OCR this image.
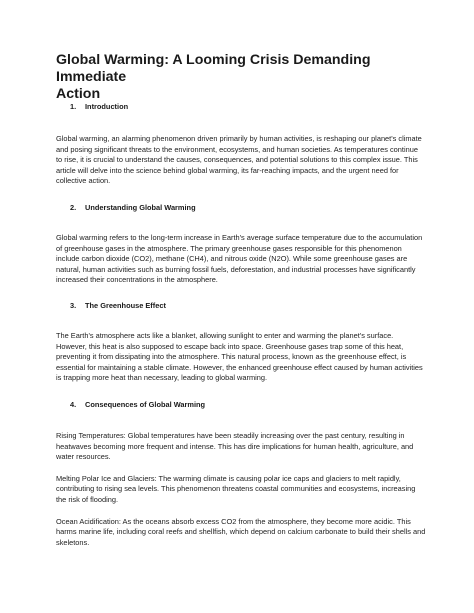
Global Warming: A Looming Crisis Demanding Immediate
Action
1.	Introduction

Global warming, an alarming phenomenon driven primarily by human activities, is reshaping our planet's climate and posing significant threats to the environment, ecosystems, and human societies. As temperatures continue to rise, it is crucial to understand the causes, consequences, and potential solutions to this complex issue. This article will delve into the science behind global warming, its far-reaching impacts, and the urgent need for collective action.

2.	Understanding Global Warming

Global warming refers to the long-term increase in Earth's average surface temperature due to the accumulation of greenhouse gases in the atmosphere. The primary greenhouse gases responsible for this phenomenon include carbon dioxide (CO2), methane (CH4), and nitrous oxide (N2O). While some greenhouse gases are natural, human activities such as burning fossil fuels, deforestation, and industrial processes have significantly increased their concentrations in the atmosphere.

3.	The Greenhouse Effect

The Earth's atmosphere acts like a blanket, allowing sunlight to enter and warming the planet's surface. However, this heat is also supposed to escape back into space. Greenhouse gases trap some of this heat, preventing it from dissipating into the atmosphere. This natural process, known as the greenhouse effect, is essential for maintaining a stable climate. However, the enhanced greenhouse effect caused by human activities is trapping more heat than necessary, leading to global warming.

4.	Consequences of Global Warming

Rising Temperatures: Global temperatures have been steadily increasing over the past century, resulting in heatwaves becoming more frequent and intense. This has dire implications for human health, agriculture, and water resources.

Melting Polar Ice and Glaciers: The warming climate is causing polar ice caps and glaciers to melt rapidly, contributing to rising sea levels. This phenomenon threatens coastal communities and ecosystems, increasing the risk of flooding.

Ocean Acidification: As the oceans absorb excess CO2 from the atmosphere, they become more acidic. This harms marine life, including coral reefs and shellfish, which depend on calcium carbonate to build their shells and skeletons.
